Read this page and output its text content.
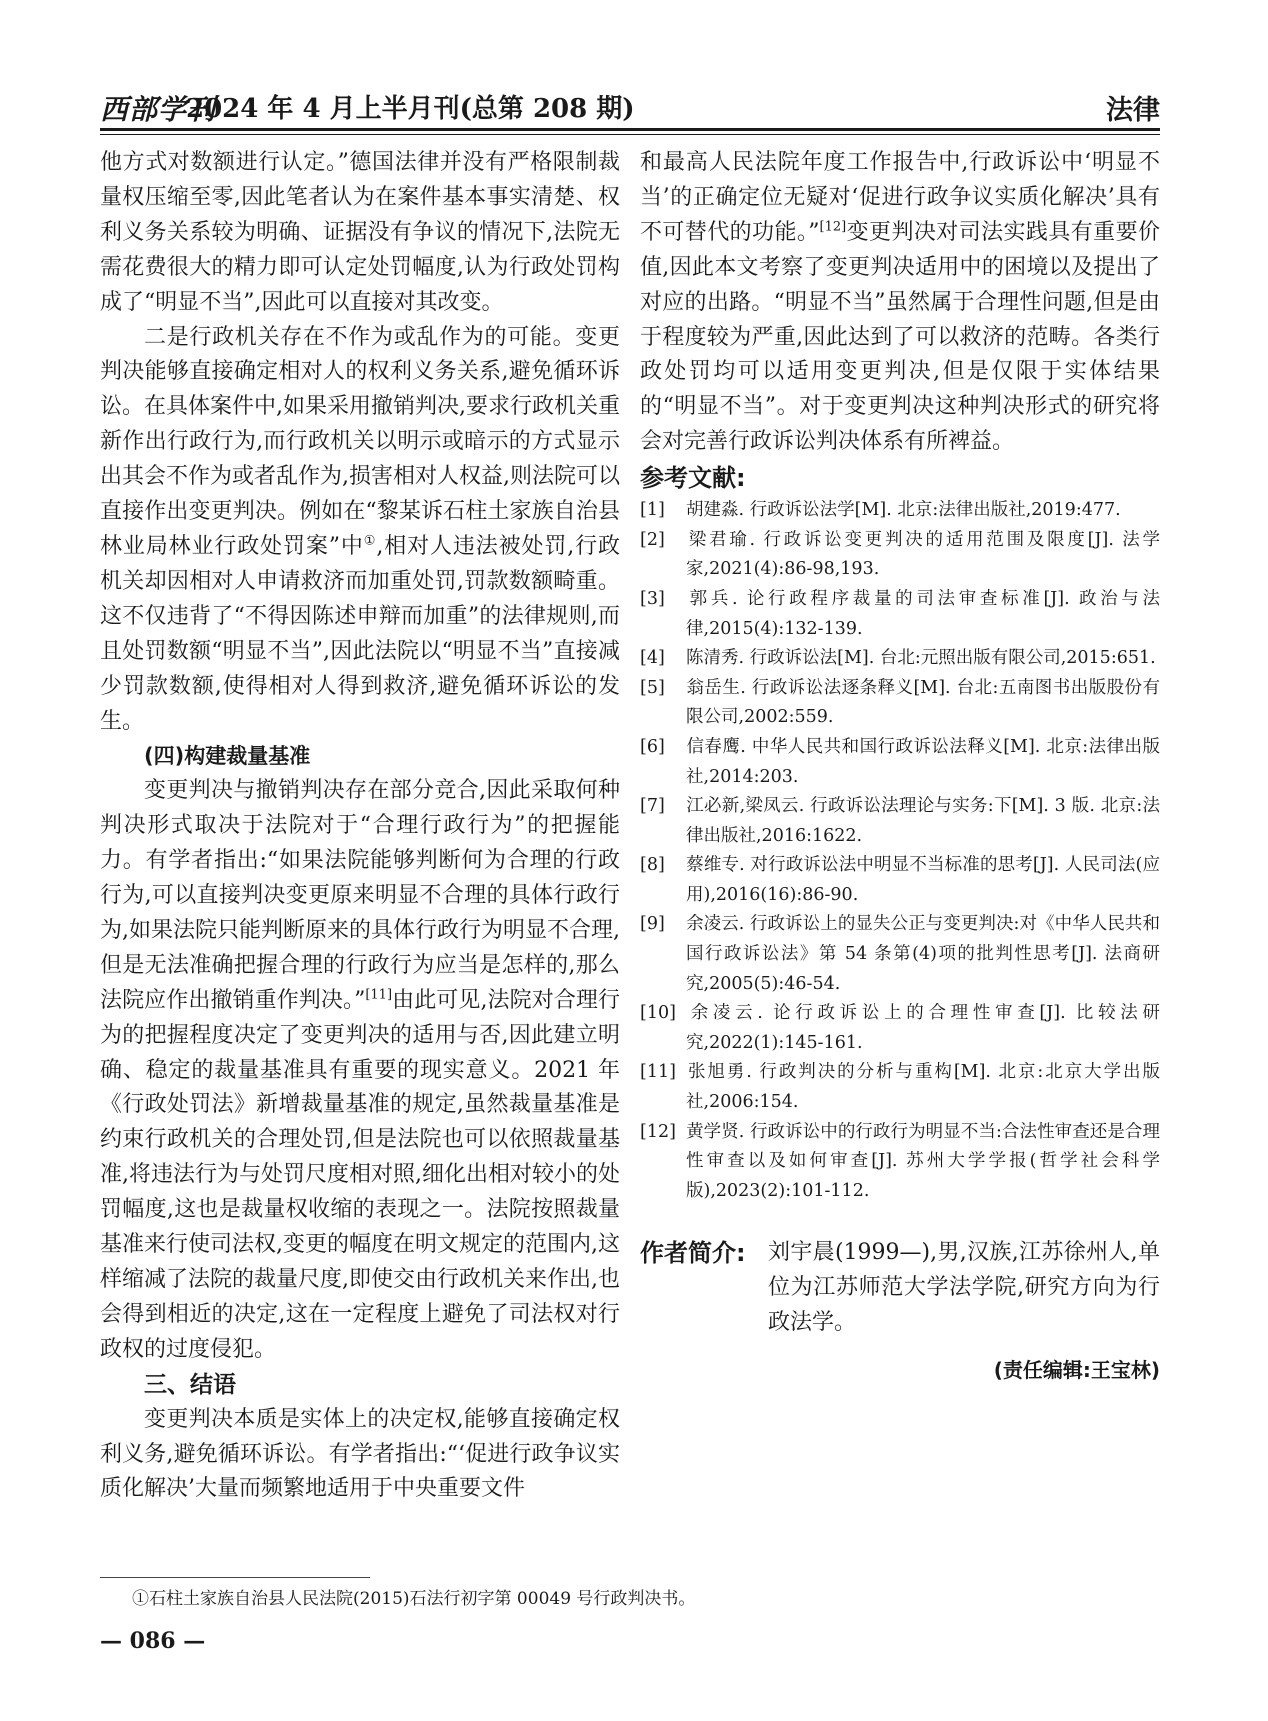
西部学刊
2024 年 4 月上半月刊(总第 208 期)	法律

他方式对数额进行认定。”德国法律并没有严格限制裁量权压缩至零,因此笔者认为在案件基本事实清楚、权利义务关系较为明确、证据没有争议的情况下,法院无需花费很大的精力即可认定处罚幅度,认为行政处罚构成了“明显不当”,因此可以直接对其改变。

二是行政机关存在不作为或乱作为的可能。变更判决能够直接确定相对人的权利义务关系,避免循环诉讼。在具体案件中,如果采用撤销判决,要求行政机关重新作出行政行为,而行政机关以明示或暗示的方式显示出其会不作为或者乱作为,损害相对人权益,则法院可以直接作出变更判决。例如在“黎某诉石柱土家族自治县林业局林业行政处罚案”中①,相对人违法被处罚,行政机关却因相对人申请救济而加重处罚,罚款数额畸重。这不仅违背了“不得因陈述申辩而加重”的法律规则,而且处罚数额“明显不当”,因此法院以“明显不当”直接减少罚款数额,使得相对人得到救济,避免循环诉讼的发生。

(四)构建裁量基准

变更判决与撤销判决存在部分竞合,因此采取何种判决形式取决于法院对于“合理行政行为”的把握能力。有学者指出:“如果法院能够判断何为合理的行政行为,可以直接判决变更原来明显不合理的具体行政行为,如果法院只能判断原来的具体行政行为明显不合理,但是无法准确把握合理的行政行为应当是怎样的,那么法院应作出撤销重作判决。”[11]由此可见,法院对合理行为的把握程度决定了变更判决的适用与否,因此建立明确、稳定的裁量基准具有重要的现实意义。2021 年《行政处罚法》新增裁量基准的规定,虽然裁量基准是约束行政机关的合理处罚,但是法院也可以依照裁量基准,将违法行为与处罚尺度相对照,细化出相对较小的处罚幅度,这也是裁量权收缩的表现之一。法院按照裁量基准来行使司法权,变更的幅度在明文规定的范围内,这样缩减了法院的裁量尺度,即使交由行政机关来作出,也会得到相近的决定,这在一定程度上避免了司法权对行政权的过度侵犯。

三、结语

变更判决本质是实体上的决定权,能够直接确定权利义务,避免循环诉讼。有学者指出:“‘促进行政争议实质化解决’大量而频繁地适用于中央重要文件

和最高人民法院年度工作报告中,行政诉讼中‘明显不当’的正确定位无疑对‘促进行政争议实质化解决’具有不可替代的功能。”[12]变更判决对司法实践具有重要价值,因此本文考察了变更判决适用中的困境以及提出了对应的出路。“明显不当”虽然属于合理性问题,但是由于程度较为严重,因此达到了可以救济的范畴。各类行政处罚均可以适用变更判决,但是仅限于实体结果的“明显不当”。对于变更判决这种判决形式的研究将会对完善行政诉讼判决体系有所裨益。

参考文献:

[1] 胡建淼. 行政诉讼法学[M]. 北京:法律出版社,2019:477.

[2] 梁君瑜. 行政诉讼变更判决的适用范围及限度[J]. 法学家,2021(4):86-98,193.

[3] 郭兵. 论行政程序裁量的司法审查标准[J]. 政治与法律,2015(4):132-139.

[4] 陈清秀. 行政诉讼法[M]. 台北:元照出版有限公司,2015:651.

[5] 翁岳生. 行政诉讼法逐条释义[M]. 台北:五南图书出版股份有限公司,2002:559.

[6] 信春鹰. 中华人民共和国行政诉讼法释义[M]. 北京:法律出版社,2014:203.

[7] 江必新,梁凤云. 行政诉讼法理论与实务:下[M]. 3 版. 北京:法律出版社,2016:1622.

[8] 蔡维专. 对行政诉讼法中明显不当标准的思考[J]. 人民司法(应用),2016(16):86-90.

[9] 余凌云. 行政诉讼上的显失公正与变更判决:对《中华人民共和国行政诉讼法》第 54 条第(4)项的批判性思考[J]. 法商研究,2005(5):46-54.

[10] 余凌云. 论行政诉讼上的合理性审查[J]. 比较法研究,2022(1):145-161.

[11] 张旭勇. 行政判决的分析与重构[M]. 北京:北京大学出版社,2006:154.

[12] 黄学贤. 行政诉讼中的行政行为明显不当:合法性审查还是合理性审查以及如何审查[J]. 苏州大学学报(哲学社会科学版),2023(2):101-112.

作者简介: 刘宇晨(1999—),男,汉族,江苏徐州人,单位为江苏师范大学法学院,研究方向为行政法学。
(责任编辑:王宝林)
①石柱土家族自治县人民法院(2015)石法行初字第 00049 号行政判决书。
— 086 —
